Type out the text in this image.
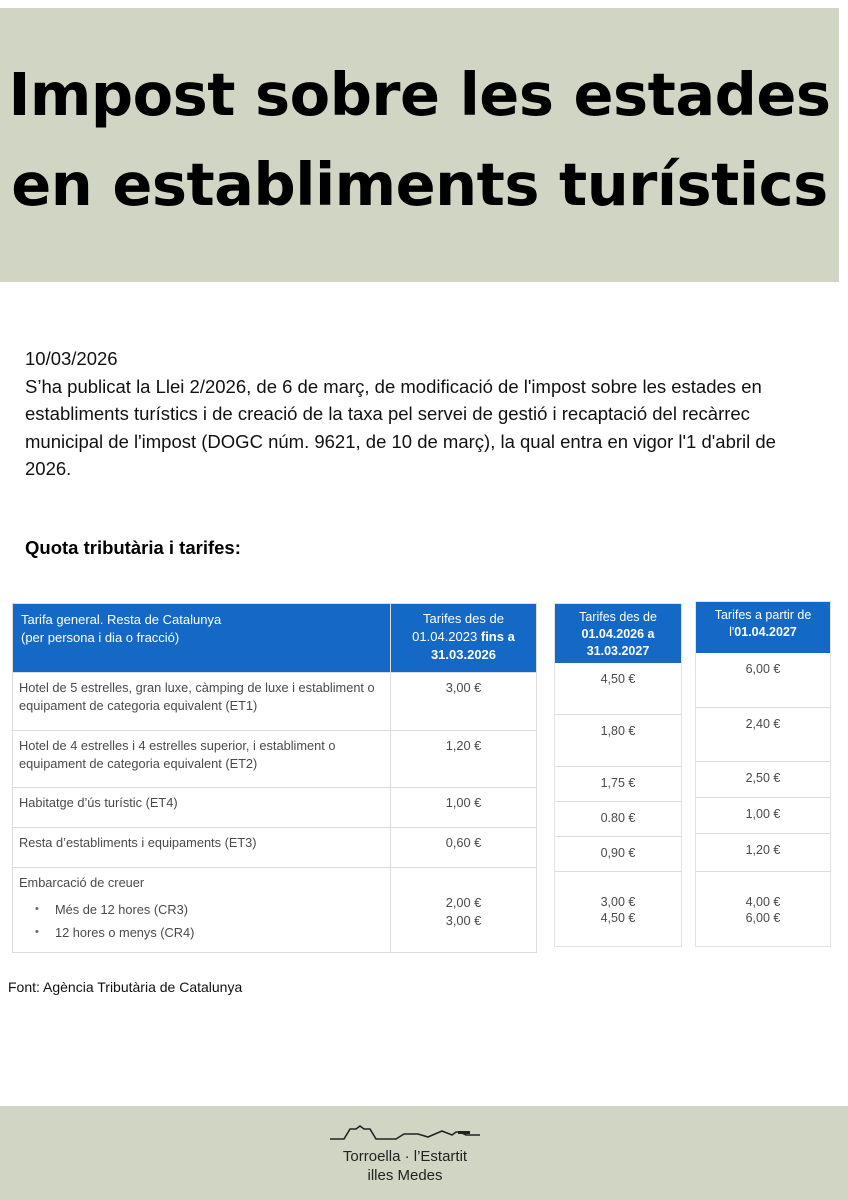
Impost sobre les estades
en establiments turístics
10/03/2026
S’ha publicat la Llei 2/2026, de 6 de març, de modificació de l'impost sobre les estades en establiments turístics i de creació de la taxa pel servei de gestió i recaptació del recàrrec municipal de l'impost (DOGC núm. 9621, de 10 de març), la qual entra en vigor l'1 d'abril de 2026.
Quota tributària i tarifes:
Tarifa general. Resta de Catalunya
(per persona i dia o fracció)
Tarifes des de 01.04.2023 fins a
31.03.2026
Hotel de 5 estrelles, gran luxe, càmping de luxe i establiment o equipament de categoria equivalent (ET1)
3,00 €
Hotel de 4 estrelles i 4 estrelles superior, i establiment o equipament de categoria equivalent (ET2)
1,20 €
Habitatge d’ús turístic (ET4)	1,00 €
Resta d’establiments i equipaments (ET3)	0,60 €
Embarcació de creuer
• Més de 12 hores (CR3)
• 12 hores o menys (CR4)
2,00 €
3,00 €
Tarifes des de
01.04.2026 a 31.03.2027
4,50 €
1,80 €
1,75 €
0.80 €
0,90 €
3,00 €
4,50 €
Tarifes a partir de l'01.04.2027
6,00 €
2,40 €
2,50 €
1,00 €
1,20 €
4,00 €
6,00 €
Font: Agència Tributària de Catalunya
Torroella · l’Estartit
illes Medes
